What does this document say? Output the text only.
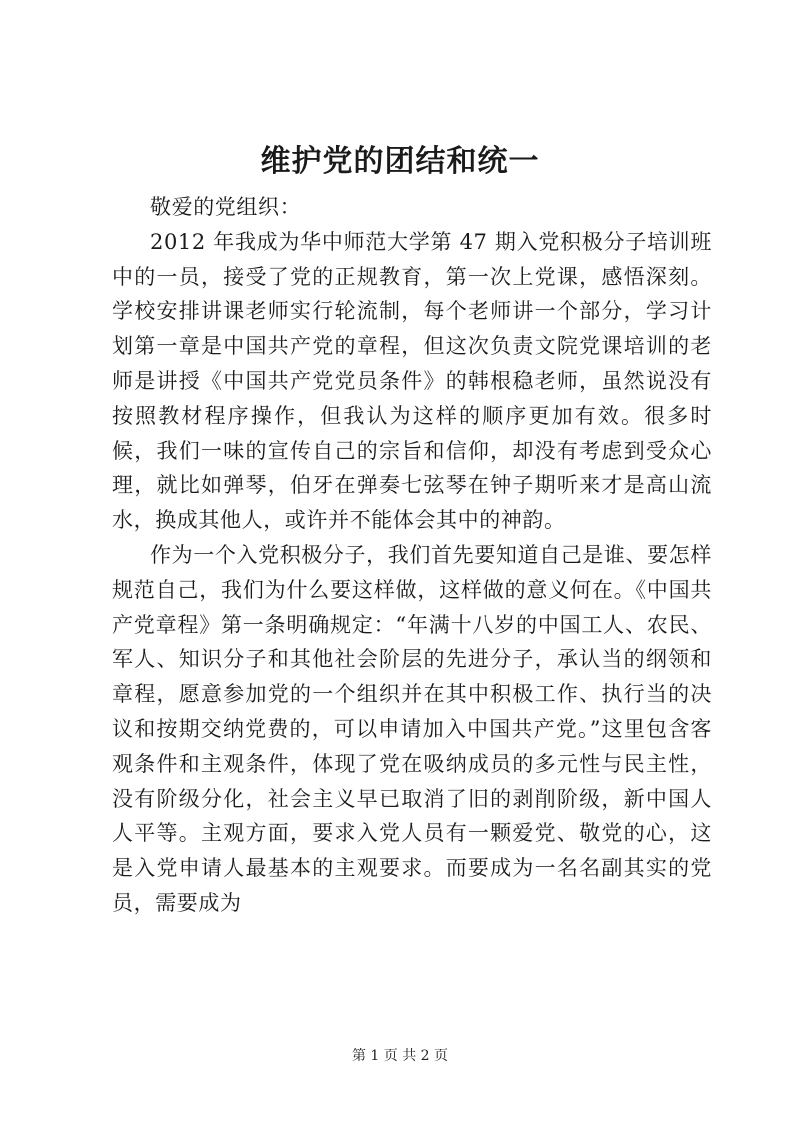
维护党的团结和统一

敬爱的党组织：

2012 年我成为华中师范大学第 47 期入党积极分子培训班中的一员，接受了党的正规教育，第一次上党课，感悟深刻。学校安排讲课老师实行轮流制，每个老师讲一个部分，学习计划第一章是中国共产党的章程，但这次负责文院党课培训的老师是讲授《中国共产党党员条件》的韩根稳老师，虽然说没有按照教材程序操作，但我认为这样的顺序更加有效。很多时候，我们一味的宣传自己的宗旨和信仰，却没有考虑到受众心理，就比如弹琴，伯牙在弹奏七弦琴在钟子期听来才是高山流水，换成其他人，或许并不能体会其中的神韵。

作为一个入党积极分子，我们首先要知道自己是谁、要怎样规范自己，我们为什么要这样做，这样做的意义何在。《中国共产党章程》第一条明确规定：“年满十八岁的中国工人、农民、军人、知识分子和其他社会阶层的先进分子，承认当的纲领和章程，愿意参加党的一个组织并在其中积极工作、执行当的决议和按期交纳党费的，可以申请加入中国共产党。”这里包含客观条件和主观条件，体现了党在吸纳成员的多元性与民主性，没有阶级分化，社会主义早已取消了旧的剥削阶级，新中国人人平等。主观方面，要求入党人员有一颗爱党、敬党的心，这是入党申请人最基本的主观要求。而要成为一名名副其实的党员，需要成为

第 1 页 共 2 页
